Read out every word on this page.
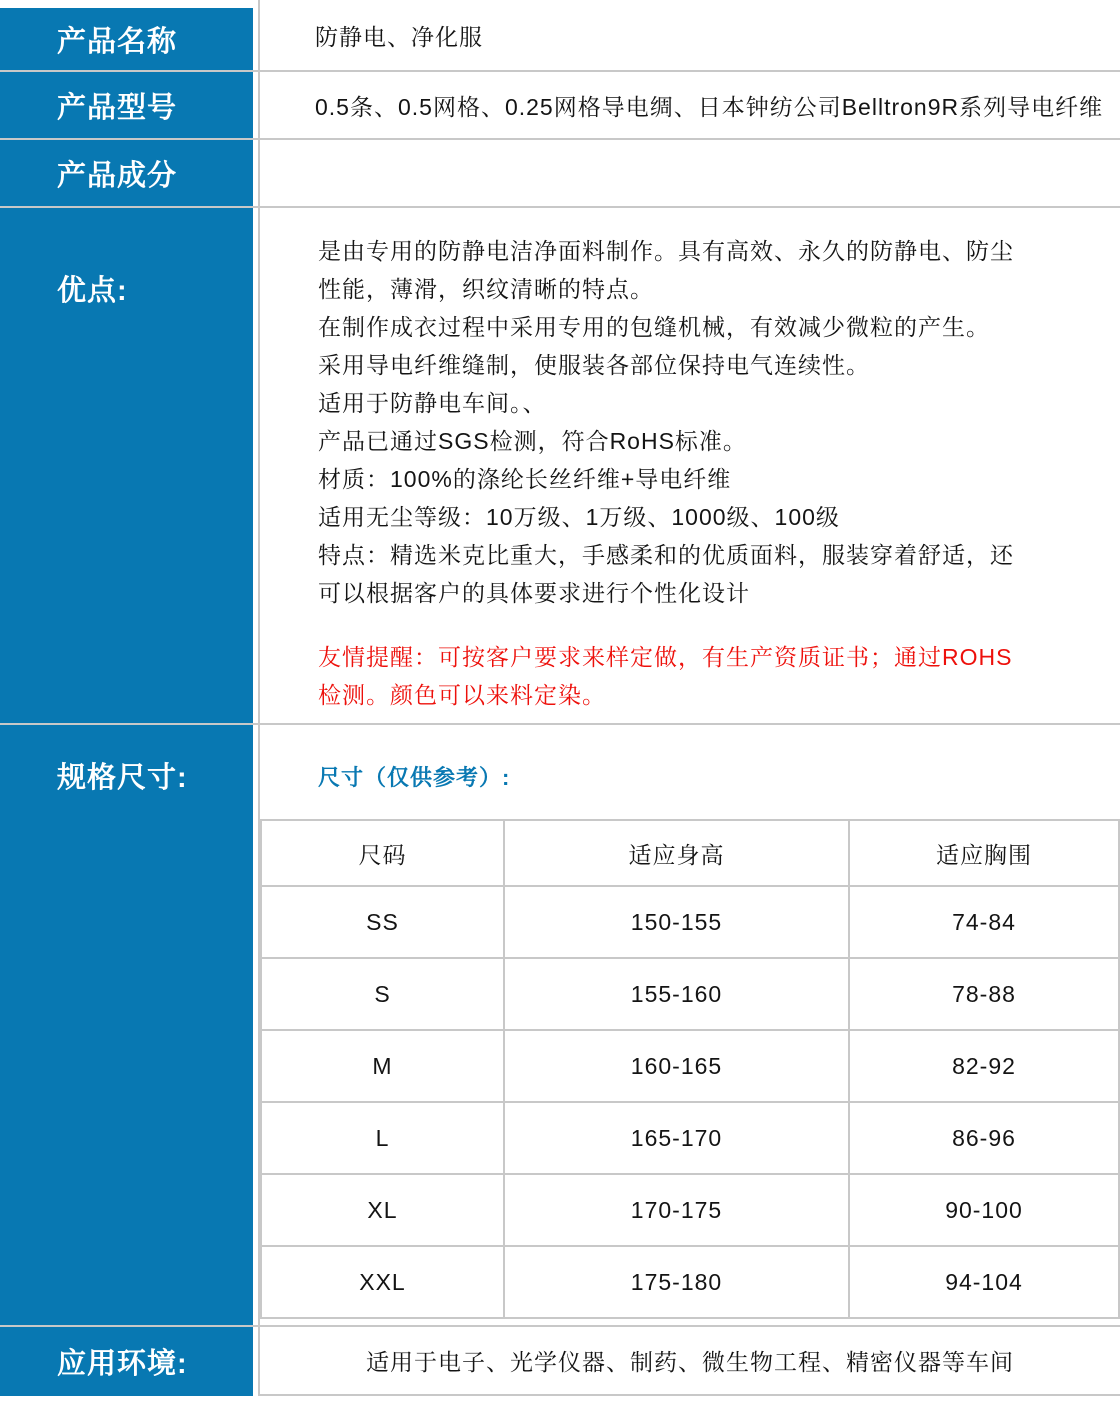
产品名称	防静电、净化服
产品型号	0.5条、0.5网格、0.25网格导电绸、日本钟纺公司Belltron9R系列导电纤维
产品成分
优点:
是由专用的防静电洁净面料制作。具有高效、永久的防静电、防尘
性能，薄滑，织纹清晰的特点。
在制作成衣过程中采用专用的包缝机械，有效减少微粒的产生。
采用导电纤维缝制，使服装各部位保持电气连续性。
适用于防静电车间。、
产品已通过SGS检测，符合RoHS标准。
材质：100%的涤纶长丝纤维+导电纤维
适用无尘等级：10万级、1万级、1000级、100级
特点：精选米克比重大，手感柔和的优质面料，服装穿着舒适，还
可以根据客户的具体要求进行个性化设计
友情提醒：可按客户要求来样定做，有生产资质证书；通过ROHS
检测。颜色可以来料定染。
规格尺寸:	尺寸（仅供参考）:
尺码	适应身高	适应胸围
SS	150-155	74-84
S	155-160	78-88
M	160-165	82-92
L	165-170	86-96
XL	170-175	90-100
XXL	175-180	94-104
应用环境:	适用于电子、光学仪器、制药、微生物工程、精密仪器等车间
